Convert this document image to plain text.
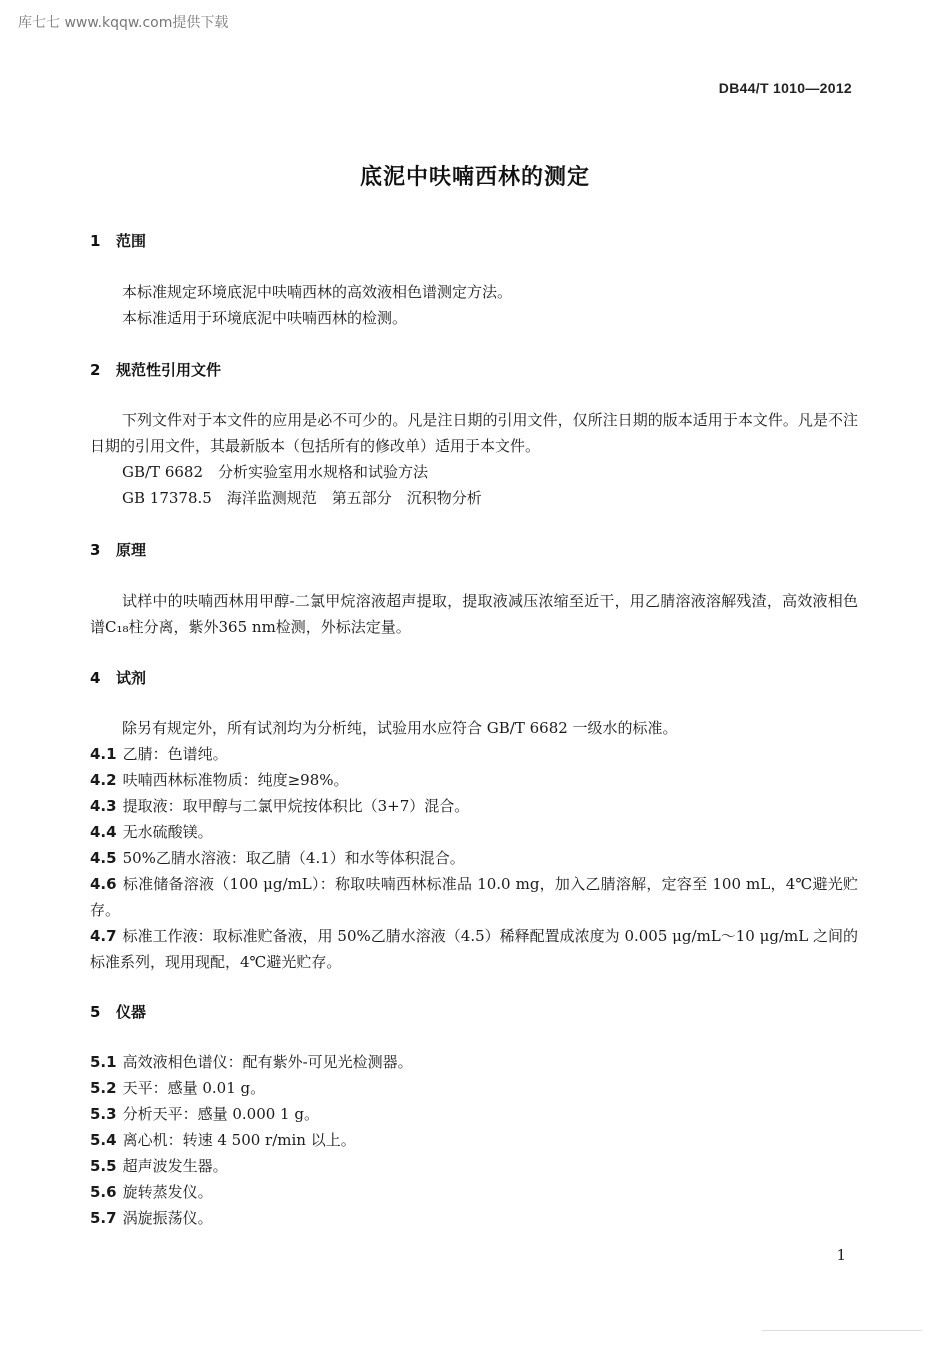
库七七 www.kqqw.com提供下载
DB44/T 1010—2012
底泥中呋喃西林的测定
1 范围
本标准规定环境底泥中呋喃西林的高效液相色谱测定方法。
本标准适用于环境底泥中呋喃西林的检测。
2 规范性引用文件
下列文件对于本文件的应用是必不可少的。凡是注日期的引用文件，仅所注日期的版本适用于本文件。凡是不注日期的引用文件，其最新版本（包括所有的修改单）适用于本文件。
GB/T 6682　分析实验室用水规格和试验方法
GB 17378.5　海洋监测规范　第五部分　沉积物分析
3 原理
试样中的呋喃西林用甲醇-二氯甲烷溶液超声提取，提取液减压浓缩至近干，用乙腈溶液溶解残渣，高效液相色谱C₁₈柱分离，紫外365 nm检测，外标法定量。
4 试剂
除另有规定外，所有试剂均为分析纯，试验用水应符合 GB/T 6682 一级水的标准。
4.1 乙腈：色谱纯。
4.2 呋喃西林标准物质：纯度≥98%。
4.3 提取液：取甲醇与二氯甲烷按体积比（3+7）混合。
4.4 无水硫酸镁。
4.5 50%乙腈水溶液：取乙腈（4.1）和水等体积混合。
4.6 标准储备溶液（100 μg/mL）：称取呋喃西林标准品 10.0 mg，加入乙腈溶解，定容至 100 mL，4℃避光贮存。
4.7 标准工作液：取标准贮备液，用 50%乙腈水溶液（4.5）稀释配置成浓度为 0.005 μg/mL～10 μg/mL 之间的标准系列，现用现配，4℃避光贮存。
5 仪器
5.1 高效液相色谱仪：配有紫外-可见光检测器。
5.2 天平：感量 0.01 g。
5.3 分析天平：感量 0.000 1 g。
5.4 离心机：转速 4 500 r/min 以上。
5.5 超声波发生器。
5.6 旋转蒸发仪。
5.7 涡旋振荡仪。
1
